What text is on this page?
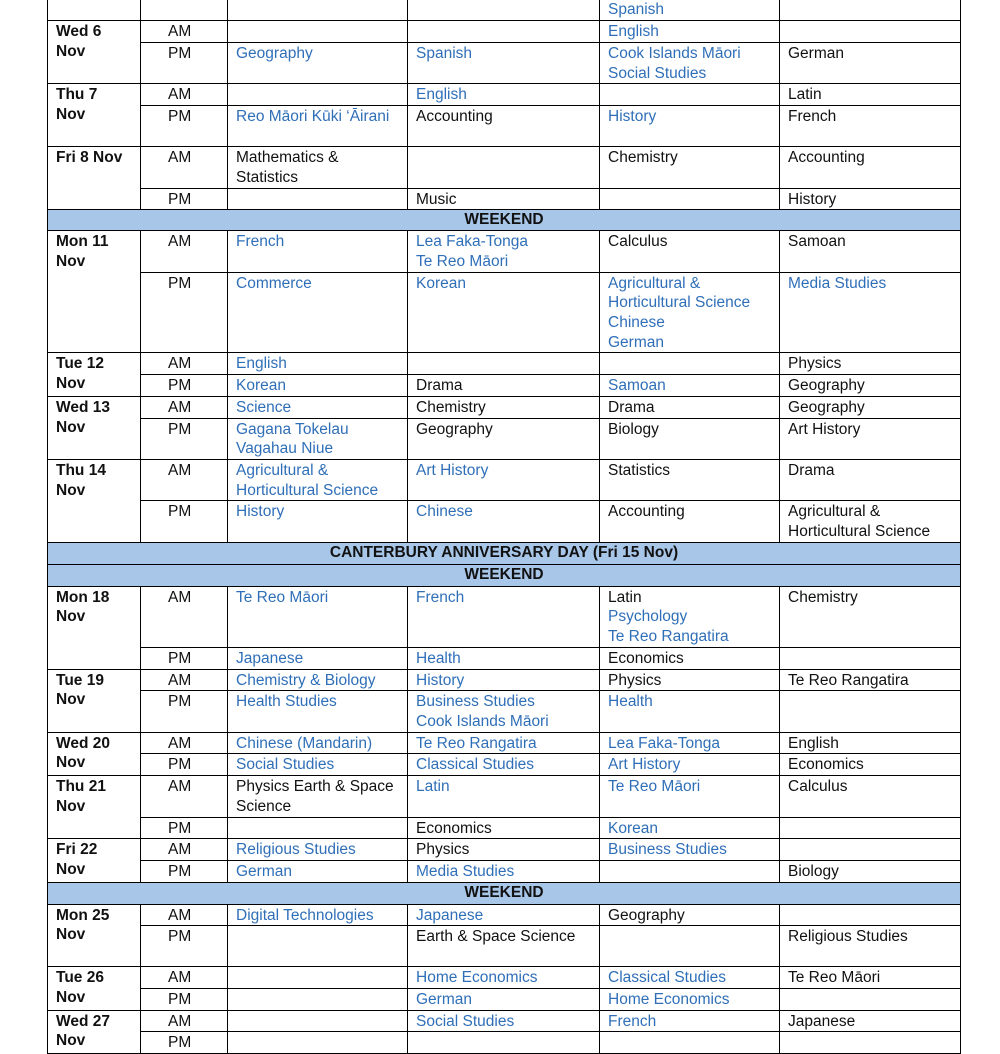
Spanish	

Wed 6
Nov	AM			English	

	PM	Geography	Spanish	Cook Islands Māori
Social Studies	German

Thu 7
Nov	AM		English		Latin

	PM	Reo Māori Kūki ‘Āirani	Accounting	History	French

Fri 8 Nov	AM	Mathematics & Statistics		Chemistry	Accounting

	PM		Music		History

WEEKEND					

Mon 11
Nov	AM	French	Lea Faka-Tonga
Te Reo Māori	Calculus	Samoan

	PM	Commerce	Korean	Agricultural & Horticultural Science
Chinese
German	Media Studies

Tue 12
Nov	AM	English			Physics

	PM	Korean	Drama	Samoan	Geography

Wed 13
Nov	AM	Science	Chemistry	Drama	Geography

	PM	Gagana Tokelau
Vagahau Niue	Geography	Biology	Art History

Thu 14
Nov	AM	Agricultural & Horticultural Science	Art History	Statistics	Drama

	PM	History	Chinese	Accounting	Agricultural & Horticultural Science

CANTERBURY ANNIVERSARY DAY (Fri 15 Nov)					
WEEKEND					

Mon 18
Nov	AM	Te Reo Māori	French	Latin
Psychology
Te Reo Rangatira	Chemistry

	PM	Japanese	Health	Economics	

Tue 19
Nov	AM	Chemistry & Biology	History	Physics	Te Reo Rangatira

	PM	Health Studies	Business Studies
Cook Islands Māori	Health	

Wed 20
Nov	AM	Chinese (Mandarin)	Te Reo Rangatira	Lea Faka-Tonga	English

	PM	Social Studies	Classical Studies	Art History	Economics

Thu 21
Nov	AM	Physics Earth & Space Science	Latin	Te Reo Māori	Calculus

	PM		Economics	Korean	

Fri 22
Nov	AM	Religious Studies	Physics	Business Studies	

	PM	German	Media Studies		Biology

WEEKEND					

Mon 25
Nov	AM	Digital Technologies	Japanese	Geography	

	PM		Earth & Space Science		Religious Studies

Tue 26
Nov	AM		Home Economics	Classical Studies	Te Reo Māori

	PM		German	Home Economics	

Wed 27
Nov	AM		Social Studies	French	Japanese

	PM				
